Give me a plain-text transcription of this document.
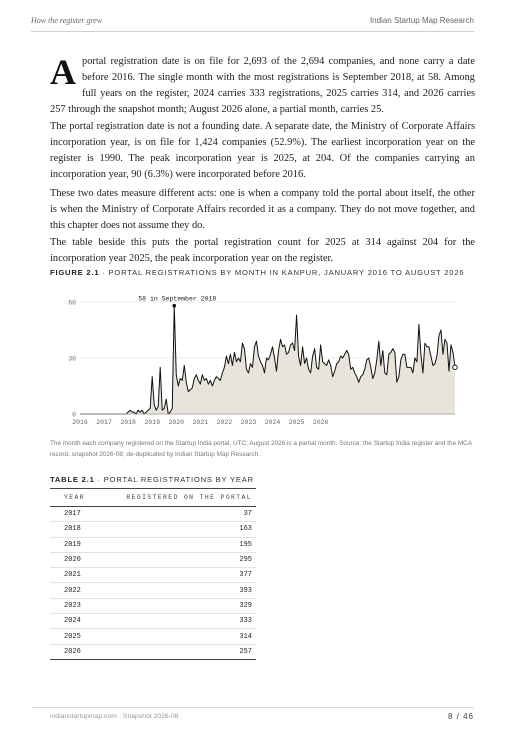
How the register grew	Indian Startup Map Research
A portal registration date is on file for 2,693 of the 2,694 companies, and none carry a date before 2016. The single month with the most registrations is September 2018, at 58. Among full years on the register, 2024 carries 333 registrations, 2025 carries 314, and 2026 carries 257 through the snapshot month; August 2026 alone, a partial month, carries 25.

The portal registration date is not a founding date. A separate date, the Ministry of Corporate Affairs incorporation year, is on file for 1,424 companies (52.9%). The earliest incorporation year on the register is 1990. The peak incorporation year is 2025, at 204. Of the companies carrying an incorporation year, 90 (6.3%) were incorporated before 2016.

These two dates measure different acts: one is when a company told the portal about itself, the other is when the Ministry of Corporate Affairs recorded it as a company. They do not move together, and this chapter does not assume they do.

The table beside this puts the portal registration count for 2025 at 314 against 204 for the incorporation year 2025, the peak incorporation year on the register.

FIGURE 2.1 · PORTAL REGISTRATIONS BY MONTH IN KANPUR, JANUARY 2016 TO AUGUST 2026
0
30
60
2016 2017 2018 2019 2020 2021 2022 2023 2024 2025 2026
58 in September 2018
The month each company registered on the Startup India portal, UTC; August 2026 is a partial month. Source: the Startup India register and the MCA record, snapshot 2026-08; de-duplicated by Indian Startup Map Research.
TABLE 2.1 · PORTAL REGISTRATIONS BY YEAR
YEAR	REGISTERED ON THE PORTAL
2017	37
2018	163
2019	195
2020	295
2021	377
2022	393
2023	329
2024	333
2025	314
2026	257
indianstartupmap.com · Snapshot 2026-08	8 / 46
